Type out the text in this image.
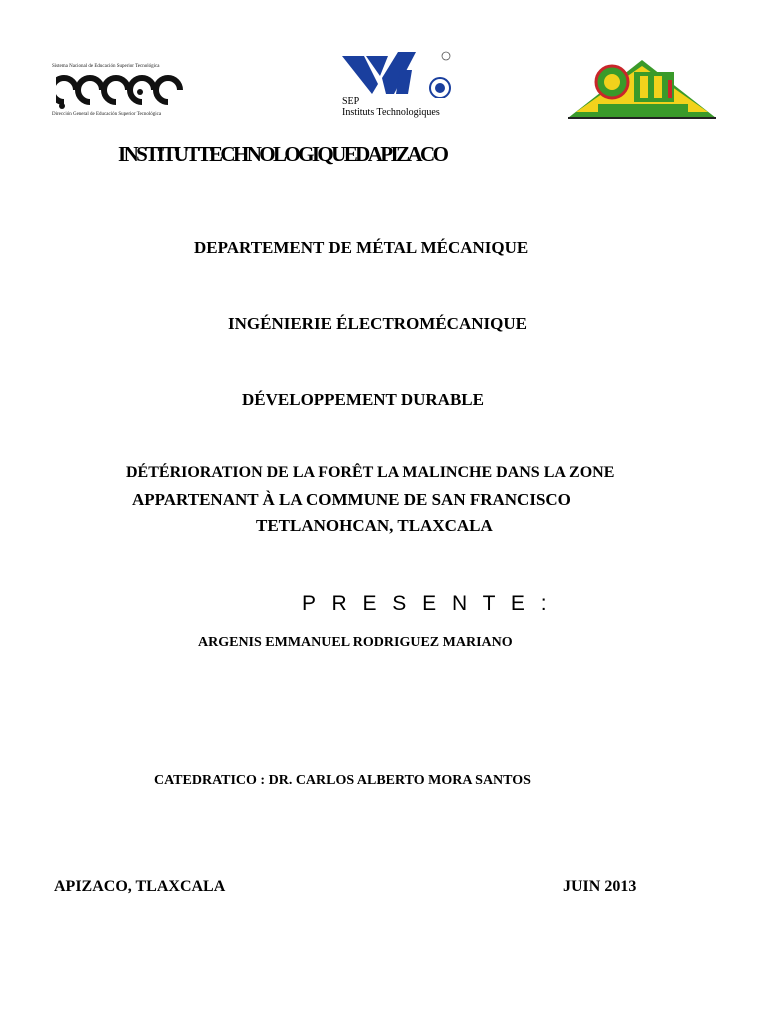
Sistema Nacional de Educación Superior Tecnológica
Dirección General de Educación Superior Tecnológica
SEP
Instituts Technologiques
INSTITUTTECHNOLOGIQUEDAPIZACO
DEPARTEMENT DE MÉTAL MÉCANIQUE
INGÉNIERIE ÉLECTROMÉCANIQUE
DÉVELOPPEMENT DURABLE
DÉTÉRIORATION DE LA FORÊT LA MALINCHE DANS LA ZONE
APPARTENANT À LA COMMUNE DE SAN FRANCISCO
TETLANOHCAN, TLAXCALA
P R E S E N T E :
ARGENIS EMMANUEL RODRIGUEZ MARIANO
CATEDRATICO : DR. CARLOS ALBERTO MORA SANTOS
APIZACO, TLAXCALA	JUIN 2013
